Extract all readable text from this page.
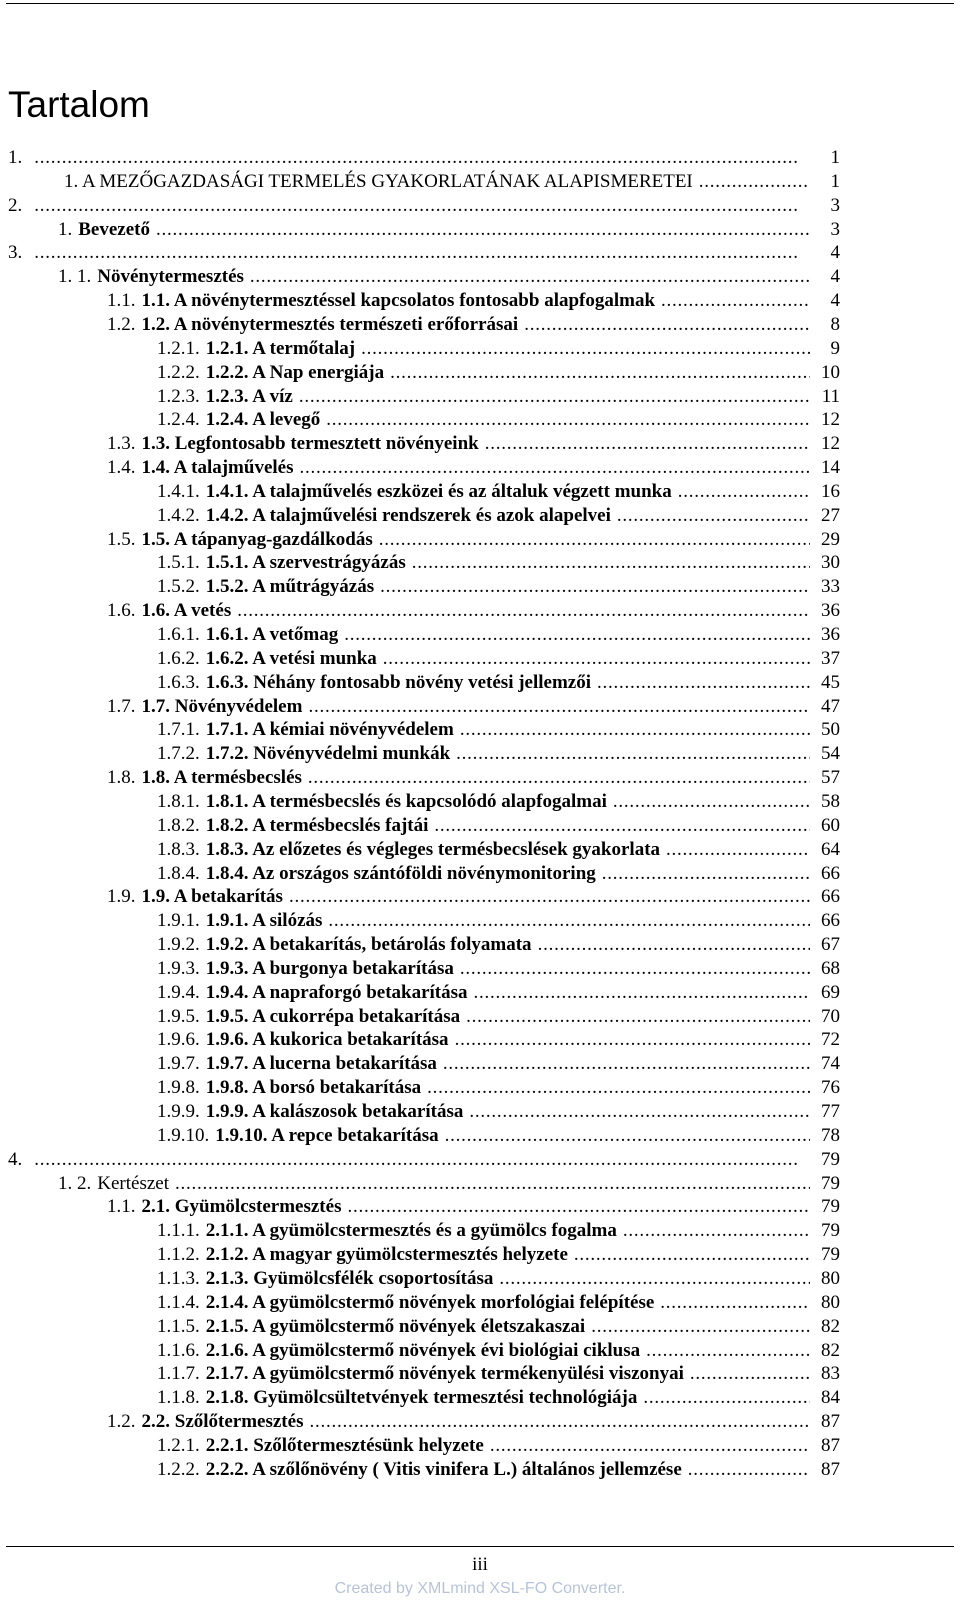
Tartalom
1. . . .	1
1. A MEZŐGAZDASÁGI TERMELÉS GYAKORLATÁNAK ALAPISMERETEI . . .	1
2. . . .	3
1. Bevezető . . .	3
3. . . .	4
1. 1. Növénytermesztés . . .	4
1.1. 1.1. A növénytermesztéssel kapcsolatos fontosabb alapfogalmak . . .	4
1.2. 1.2. A növénytermesztés természeti erőforrásai . . .	8
1.2.1. 1.2.1. A termőtalaj . . .	9
1.2.2. 1.2.2. A Nap energiája . . .	10
1.2.3. 1.2.3. A víz . . .	11
1.2.4. 1.2.4. A levegő . . .	12
1.3. 1.3. Legfontosabb termesztett növényeink . . .	12
1.4. 1.4. A talajművelés . . .	14
1.4.1. 1.4.1. A talajművelés eszközei és az általuk végzett munka . . .	16
1.4.2. 1.4.2. A talajművelési rendszerek és azok alapelvei . . .	27
1.5. 1.5. A tápanyag-gazdálkodás . . .	29
1.5.1. 1.5.1. A szervestrágyázás . . .	30
1.5.2. 1.5.2. A műtrágyázás . . .	33
1.6. 1.6. A vetés . . .	36
1.6.1. 1.6.1. A vetőmag . . .	36
1.6.2. 1.6.2. A vetési munka . . .	37
1.6.3. 1.6.3. Néhány fontosabb növény vetési jellemzői . . .	45
1.7. 1.7. Növényvédelem . . .	47
1.7.1. 1.7.1. A kémiai növényvédelem . . .	50
1.7.2. 1.7.2. Növényvédelmi munkák . . .	54
1.8. 1.8. A termésbecslés . . .	57
1.8.1. 1.8.1. A termésbecslés és kapcsolódó alapfogalmai . . .	58
1.8.2. 1.8.2. A termésbecslés fajtái . . .	60
1.8.3. 1.8.3. Az előzetes és végleges termésbecslések gyakorlata . . .	64
1.8.4. 1.8.4. Az országos szántóföldi növénymonitoring . . .	66
1.9. 1.9. A betakarítás . . .	66
1.9.1. 1.9.1. A silózás . . .	66
1.9.2. 1.9.2. A betakarítás, betárolás folyamata . . .	67
1.9.3. 1.9.3. A burgonya betakarítása . . .	68
1.9.4. 1.9.4. A napraforgó betakarítása . . .	69
1.9.5. 1.9.5. A cukorrépa betakarítása . . .	70
1.9.6. 1.9.6. A kukorica betakarítása . . .	72
1.9.7. 1.9.7. A lucerna betakarítása . . .	74
1.9.8. 1.9.8. A borsó betakarítása . . .	76
1.9.9. 1.9.9. A kalászosok betakarítása . . .	77
1.9.10. 1.9.10. A repce betakarítása . . .	78
4. . . .	79
1. 2. Kertészet . . .	79
1.1. 2.1. Gyümölcstermesztés . . .	79
1.1.1. 2.1.1. A gyümölcstermesztés és a gyümölcs fogalma . . .	79
1.1.2. 2.1.2. A magyar gyümölcstermesztés helyzete . . .	79
1.1.3. 2.1.3. Gyümölcsfélék csoportosítása . . .	80
1.1.4. 2.1.4. A gyümölcstermő növények morfológiai felépítése . . .	80
1.1.5. 2.1.5. A gyümölcstermő növények életszakaszai . . .	82
1.1.6. 2.1.6. A gyümölcstermő növények évi biológiai ciklusa . . .	82
1.1.7. 2.1.7. A gyümölcstermő növények termékenyülési viszonyai . . .	83
1.1.8. 2.1.8. Gyümölcsültetvények termesztési technológiája . . .	84
1.2. 2.2. Szőlőtermesztés . . .	87
1.2.1. 2.2.1. Szőlőtermesztésünk helyzete . . .	87
1.2.2. 2.2.2. A szőlőnövény ( Vitis vinifera L.) általános jellemzése . . .	87
iii
Created by XMLmind XSL-FO Converter.
